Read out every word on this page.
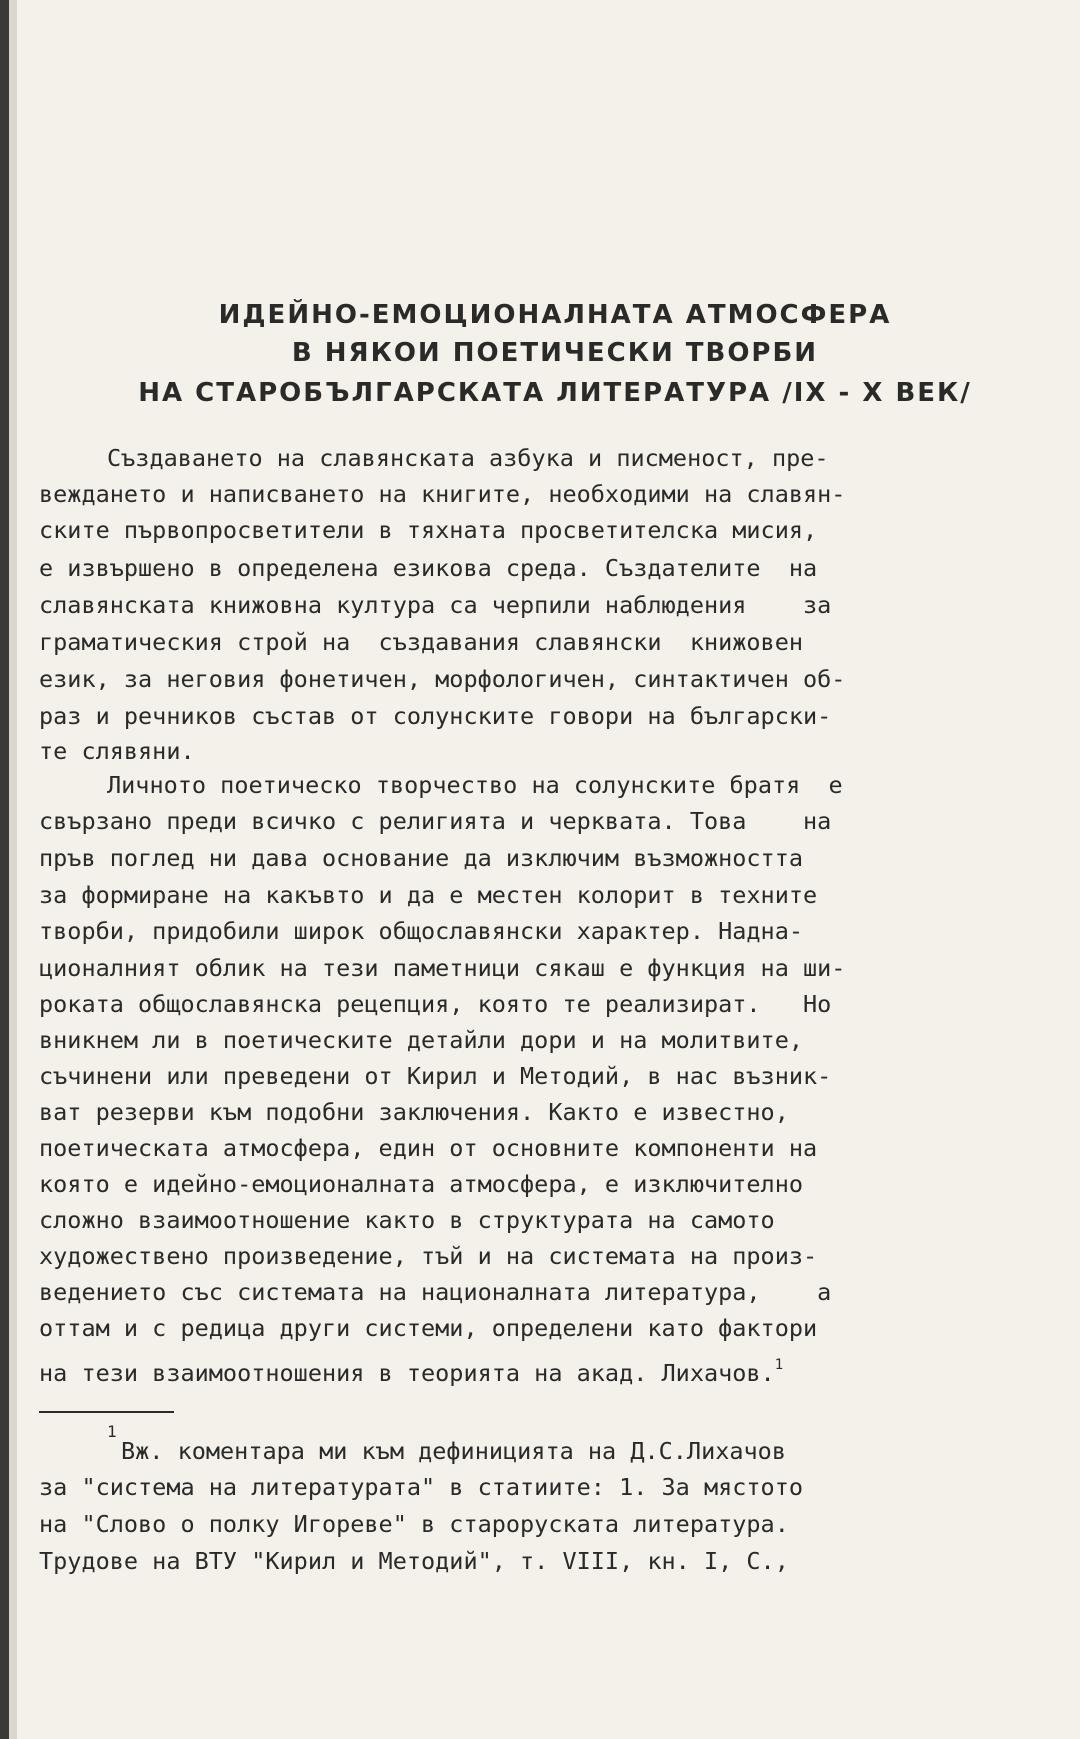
ИДЕЙНО-ЕМОЦИОНАЛНАТА АТМОСФЕРА
В НЯКОИ ПОЕТИЧЕСКИ ТВОРБИ
НА СТАРОБЪЛГАРСКАТА ЛИТЕРАТУРА /IX - X ВЕК/

Създаването на славянската азбука и писменост, пре-

веждането и написването на книгите, необходими на славян-

ските първопросветители в тяхната просветителска мисия,

е извършено в определена езикова среда. Създателите  на

славянската книжовна култура са черпили наблюдения    за

граматическия строй на  създавания славянски  книжовен

език, за неговия фонетичен, морфологичен, синтактичен об-

раз и речников състав от солунските говори на български-

те слявяни.

Личното поетическо творчество на солунските братя  е

свързано преди всичко с религията и черквата. Това    на

пръв поглед ни дава основание да изключим възможността

за формиране на какъвто и да е местен колорит в техните

творби, придобили широк общославянски характер. Надна-

ционалният облик на тези паметници сякаш е функция на ши-

роката общославянска рецепция, която те реализират.   Но

вникнем ли в поетическите детайли дори и на молитвите,

съчинени или преведени от Кирил и Методий, в нас възник-

ват резерви към подобни заключения. Както е известно,

поетическата атмосфера, един от основните компоненти на

която е идейно-емоционалната атмосфера, е изключително

сложно взаимоотношение както в структурата на самото

художествено произведение, тъй и на системата на произ-

ведението със системата на националната литература,    а

оттам и с редица други системи, определени като фактори

на тези взаимоотношения в теорията на акад. Лихачов.$^1$

1

Вж. коментара ми към дефиницията на Д.С.Лихачов

за "система на литературата" в статиите: 1. За мястото

на "Слово о полку Игореве" в староруската литература.

Трудове на ВТУ "Кирил и Методий", т. VIII, кн. I, С.,
